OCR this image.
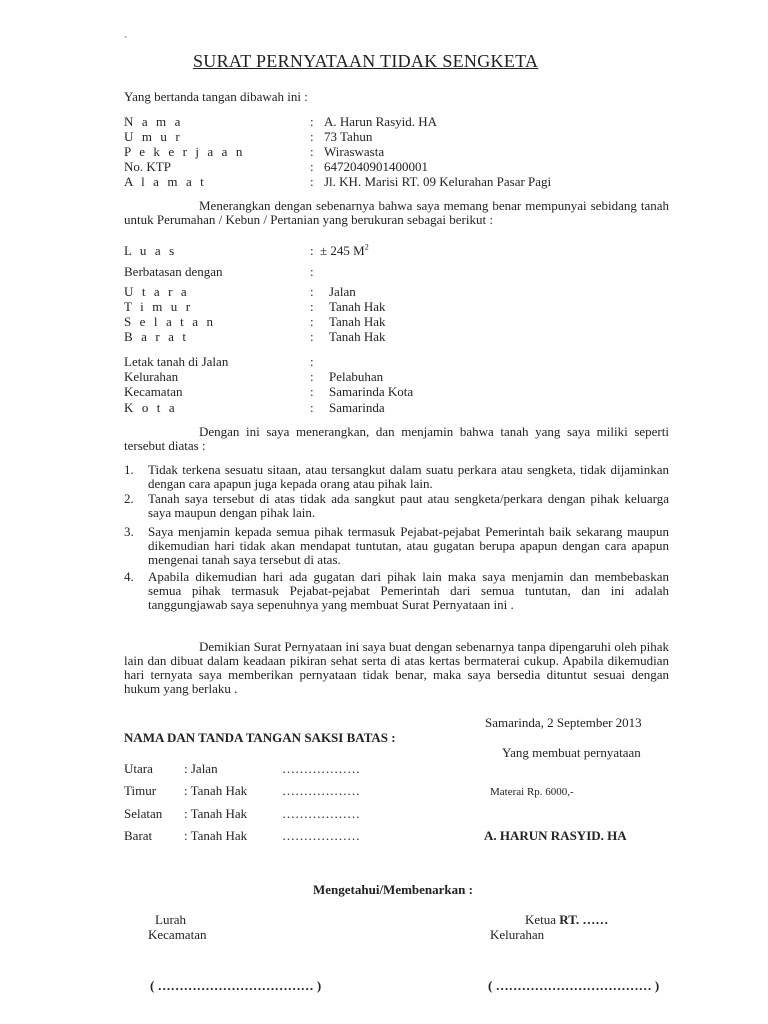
`
SURAT PERNYATAAN TIDAK SENGKETA
Yang bertanda tangan dibawah ini :
N a m a	: A. Harun Rasyid. HA
U m u r	: 73 Tahun
P e k e r j a a n	: Wiraswasta
No. KTP	: 6472040901400001
A l a m a t	: Jl. KH. Marisi RT. 09 Kelurahan Pasar Pagi
Menerangkan dengan sebenarnya bahwa saya memang benar mempunyai sebidang tanah untuk Perumahan / Kebun / Pertanian yang berukuran sebagai berikut :
L u a s	: ± 245 $M^2$
Berbatasan dengan	:
U t a r a	: Jalan
T i m u r	: Tanah Hak
S e l a t a n	: Tanah Hak
B a r a t	: Tanah Hak
Letak tanah di Jalan	:
Kelurahan	: Pelabuhan
Kecamatan	: Samarinda Kota
K o t a	: Samarinda
Dengan ini saya menerangkan, dan menjamin bahwa tanah yang saya miliki seperti tersebut diatas :
1. Tidak terkena sesuatu sitaan, atau tersangkut dalam suatu perkara atau sengketa, tidak dijaminkan dengan cara apapun juga kepada orang atau pihak lain.
2. Tanah saya tersebut di atas tidak ada sangkut paut atau sengketa/perkara dengan pihak keluarga saya maupun dengan pihak lain.
3. Saya menjamin kepada semua pihak termasuk Pejabat-pejabat Pemerintah baik sekarang maupun dikemudian hari tidak akan mendapat tuntutan, atau gugatan berupa apapun dengan cara apapun mengenai tanah saya tersebut di atas.
4. Apabila dikemudian hari ada gugatan dari pihak lain maka saya menjamin dan membebaskan semua pihak termasuk Pejabat-pejabat Pemerintah dari semua tuntutan, dan ini adalah tanggungjawab saya sepenuhnya yang membuat Surat Pernyataan ini .
Demikian Surat Pernyataan ini saya buat dengan sebenarnya tanpa dipengaruhi oleh pihak lain dan dibuat dalam keadaan pikiran sehat serta di atas kertas bermaterai cukup. Apabila dikemudian hari ternyata saya memberikan pernyataan tidak benar, maka saya bersedia dituntut sesuai dengan hukum yang berlaku .
Samarinda, 2 September 2013
NAMA DAN TANDA TANGAN SAKSI BATAS :
Yang membuat pernyataan
Utara : Jalan	………………
Timur : Tanah Hak	………………	Materai Rp. 6000,-
Selatan : Tanah Hak	………………
Barat : Tanah Hak	………………	A. HARUN RASYID. HA
Mengetahui/Membenarkan :
Lurah
Kecamatan
Ketua RT. ……
Kelurahan
( ……………………………… )	( ……………………………… )
